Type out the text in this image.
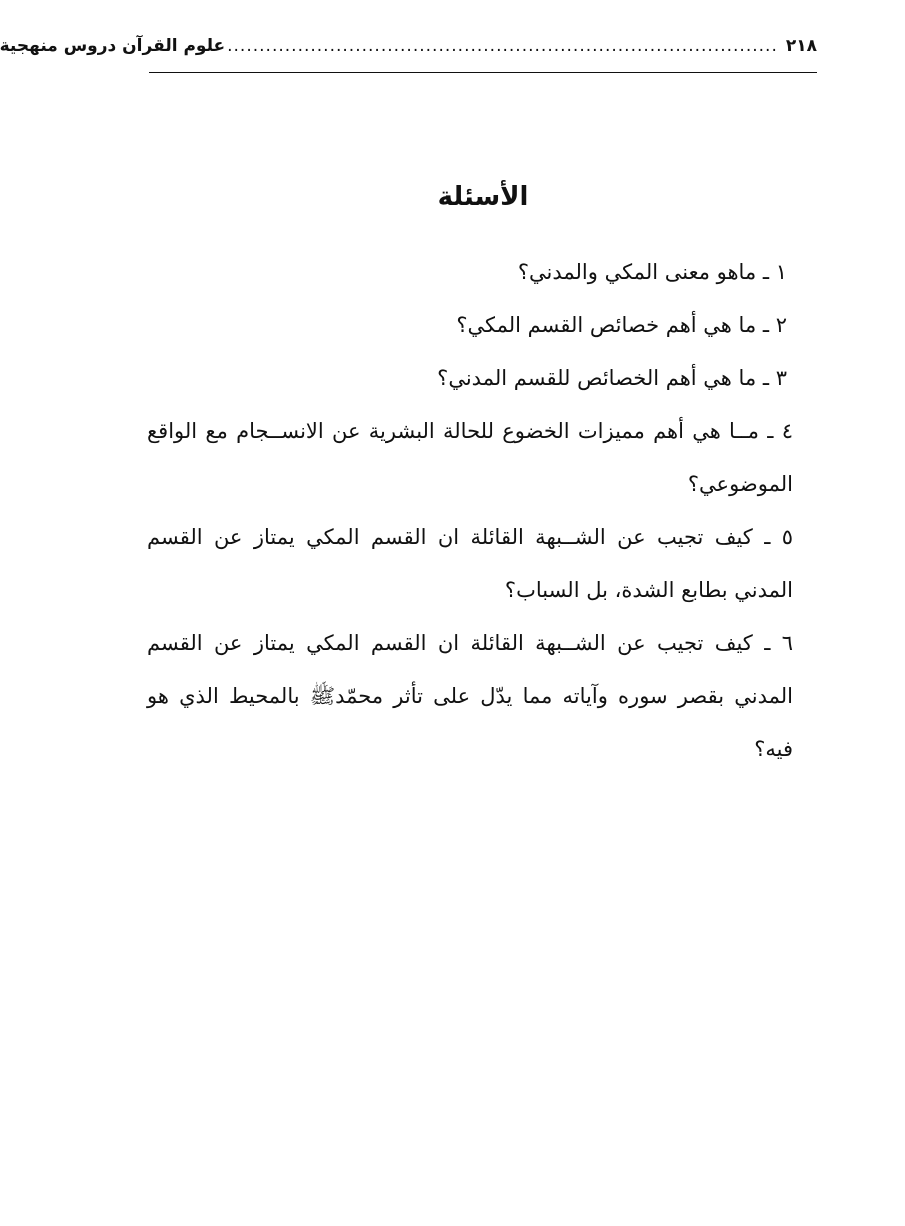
٢١٨
......................................................................................
علوم القرآن دروس منهجية
الأسئلة

١ ـ ماهو معنى المكي والمدني؟

٢ ـ ما هي أهم خصائص القسم المكي؟

٣ ـ ما هي أهم الخصائص للقسم المدني؟

٤ ـ مــا هي أهم مميزات الخضوع للحالة البشرية عن الانســجام مع الواقع الموضوعي؟

٥ ـ كيف تجيب عن الشــبهة القائلة ان القسم المكي يمتاز عن القسم المدني بطابع الشدة، بل السباب؟

٦ ـ كيف تجيب عن الشــبهة القائلة ان القسم المكي يمتاز عن القسم المدني بقصر سوره وآياته مما يدّل على تأثر محمّدﷺ بالمحيط الذي هو فيه؟
